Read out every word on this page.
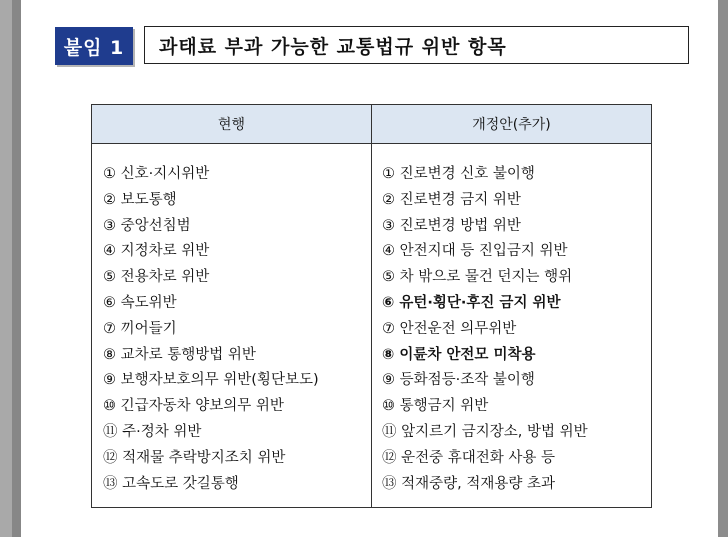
붙임 1	과태료 부과 가능한 교통법규 위반 항목
현행	개정안(추가)
① 신호·지시위반
② 보도통행
③ 중앙선침범
④ 지정차로 위반
⑤ 전용차로 위반
⑥ 속도위반
⑦ 끼어들기
⑧ 교차로 통행방법 위반
⑨ 보행자보호의무 위반(횡단보도)
⑩ 긴급자동차 양보의무 위반
⑪ 주·정차 위반
⑫ 적재물 추락방지조치 위반
⑬ 고속도로 갓길통행
① 진로변경 신호 불이행
② 진로변경 금지 위반
③ 진로변경 방법 위반
④ 안전지대 등 진입금지 위반
⑤ 차 밖으로 물건 던지는 행위
⑥ 유턴·횡단·후진 금지 위반
⑦ 안전운전 의무위반
⑧ 이륜차 안전모 미착용
⑨ 등화점등·조작 불이행
⑩ 통행금지 위반
⑪ 앞지르기 금지장소, 방법 위반
⑫ 운전중 휴대전화 사용 등
⑬ 적재중량, 적재용량 초과
